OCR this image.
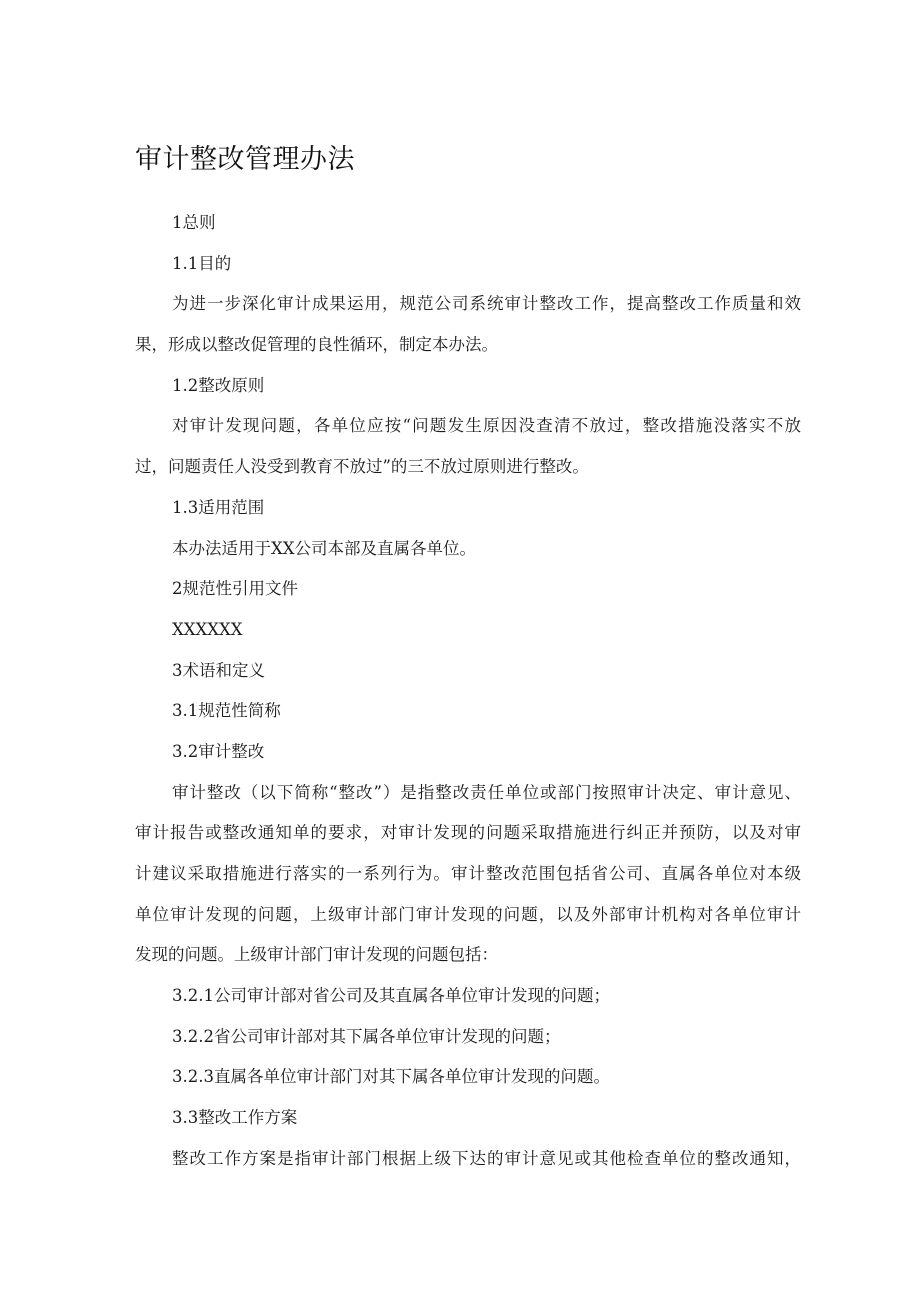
审计整改管理办法
1总则
1.1目的
为进一步深化审计成果运用，规范公司系统审计整改工作，提高整改工作质量和效
果，形成以整改促管理的良性循环，制定本办法。
1.2整改原则
对审计发现问题，各单位应按“问题发生原因没查清不放过，整改措施没落实不放
过，问题责任人没受到教育不放过”的三不放过原则进行整改。
1.3适用范围
本办法适用于XX公司本部及直属各单位。
2规范性引用文件
XXXXXX
3术语和定义
3.1规范性简称
3.2审计整改
审计整改（以下简称“整改”）是指整改责任单位或部门按照审计决定、审计意见、
审计报告或整改通知单的要求，对审计发现的问题采取措施进行纠正并预防，以及对审
计建议采取措施进行落实的一系列行为。审计整改范围包括省公司、直属各单位对本级
单位审计发现的问题，上级审计部门审计发现的问题，以及外部审计机构对各单位审计
发现的问题。上级审计部门审计发现的问题包括：
3.2.1公司审计部对省公司及其直属各单位审计发现的问题；
3.2.2省公司审计部对其下属各单位审计发现的问题；
3.2.3直属各单位审计部门对其下属各单位审计发现的问题。
3.3整改工作方案
整改工作方案是指审计部门根据上级下达的审计意见或其他检查单位的整改通知，
